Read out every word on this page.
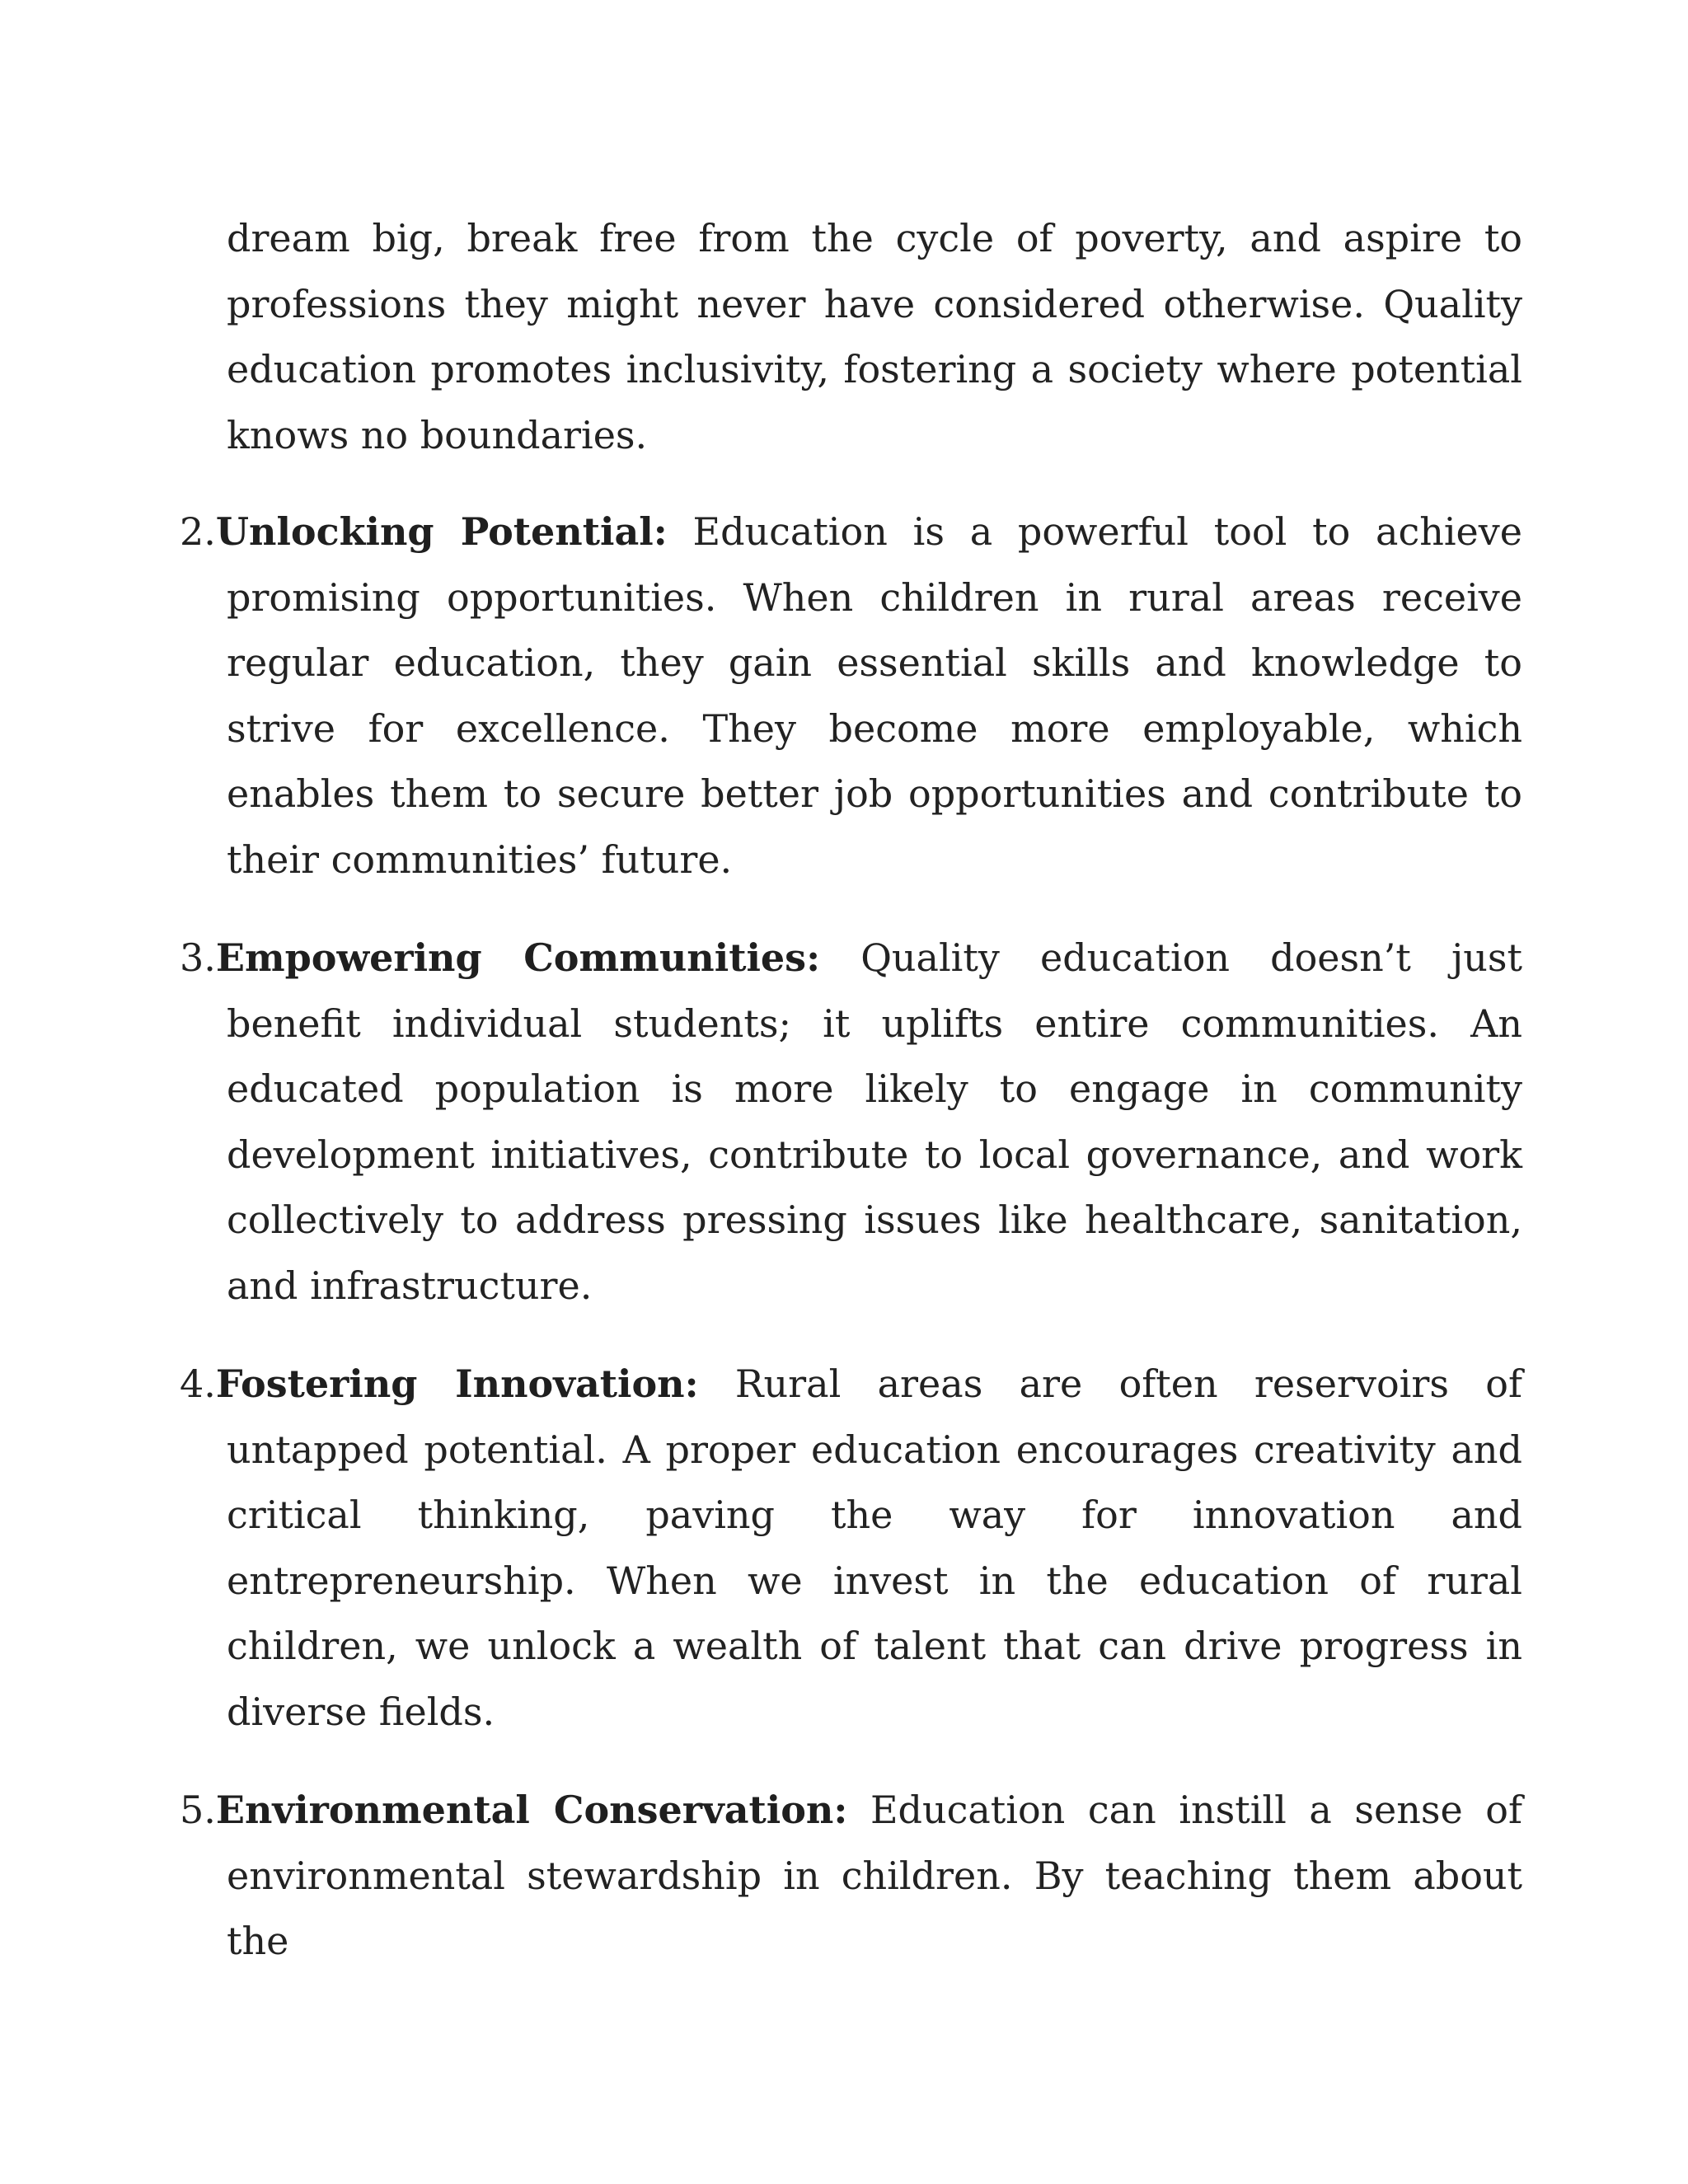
dream big, break free from the cycle of poverty, and aspire to professions they might never have considered otherwise. Quality education promotes inclusivity, fostering a society where potential knows no boundaries.

2.Unlocking Potential: Education is a powerful tool to achieve promising opportunities. When children in rural areas receive regular education, they gain essential skills and knowledge to strive for excellence. They become more employable, which enables them to secure better job opportunities and contribute to their communities’ future.

3.Empowering Communities: Quality education doesn’t just benefit individual students; it uplifts entire communities. An educated population is more likely to engage in community development initiatives, contribute to local governance, and work collectively to address pressing issues like healthcare, sanitation, and infrastructure.

4.Fostering Innovation: Rural areas are often reservoirs of untapped potential. A proper education encourages creativity and critical thinking, paving the way for innovation and entrepreneurship. When we invest in the education of rural children, we unlock a wealth of talent that can drive progress in diverse fields.

5.Environmental Conservation: Education can instill a sense of environmental stewardship in children. By teaching them about the
